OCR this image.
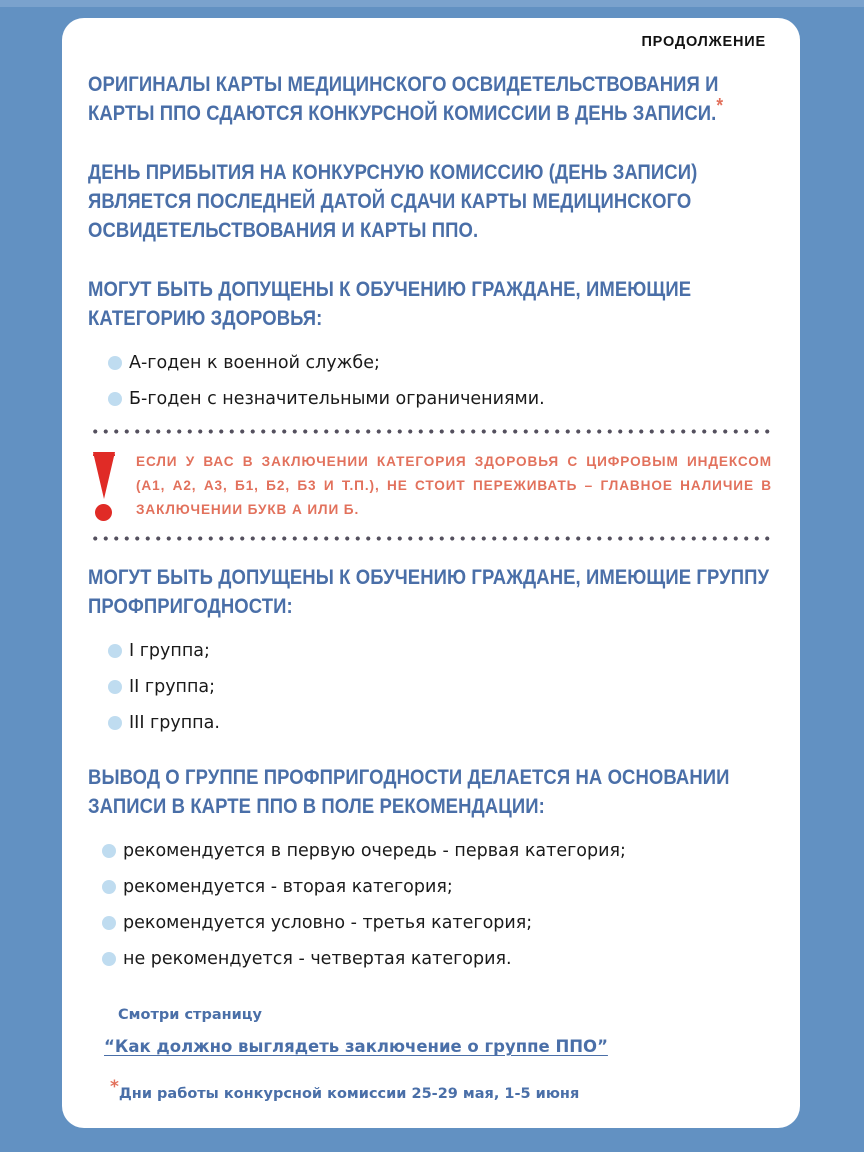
ПРОДОЛЖЕНИЕ
ОРИГИНАЛЫ КАРТЫ МЕДИЦИНСКОГО ОСВИДЕТЕЛЬСТВОВАНИЯ И КАРТЫ ППО СДАЮТСЯ КОНКУРСНОЙ КОМИССИИ В ДЕНЬ ЗАПИСИ.*
ДЕНЬ ПРИБЫТИЯ НА КОНКУРСНУЮ КОМИССИЮ (ДЕНЬ ЗАПИСИ) ЯВЛЯЕТСЯ ПОСЛЕДНЕЙ ДАТОЙ СДАЧИ КАРТЫ МЕДИЦИНСКОГО ОСВИДЕТЕЛЬСТВОВАНИЯ И КАРТЫ ППО.
МОГУТ БЫТЬ ДОПУЩЕНЫ К ОБУЧЕНИЮ ГРАЖДАНЕ, ИМЕЮЩИЕ КАТЕГОРИЮ ЗДОРОВЬЯ:
А-годен к военной службе;
Б-годен с незначительными ограничениями.

ЕСЛИ У ВАС В ЗАКЛЮЧЕНИИ КАТЕГОРИЯ ЗДОРОВЬЯ С ЦИФРОВЫМ ИНДЕКСОМ (А1, А2, А3, Б1, Б2, Б3 И Т.П.), НЕ СТОИТ ПЕРЕЖИВАТЬ – ГЛАВНОЕ НАЛИЧИЕ В ЗАКЛЮЧЕНИИ БУКВ А ИЛИ Б.

МОГУТ БЫТЬ ДОПУЩЕНЫ К ОБУЧЕНИЮ ГРАЖДАНЕ, ИМЕЮЩИЕ ГРУППУ ПРОФПРИГОДНОСТИ:
I группа;
II группа;
III группа.
ВЫВОД О ГРУППЕ ПРОФПРИГОДНОСТИ ДЕЛАЕТСЯ НА ОСНОВАНИИ ЗАПИСИ В КАРТЕ ППО В ПОЛЕ РЕКОМЕНДАЦИИ:
рекомендуется в первую очередь - первая категория;
рекомендуется - вторая категория;
рекомендуется условно - третья категория;
не рекомендуется - четвертая категория.
Смотри страницу
“Как должно выглядеть заключение о группе ППО”
*Дни работы конкурсной комиссии 25-29 мая, 1-5 июня
